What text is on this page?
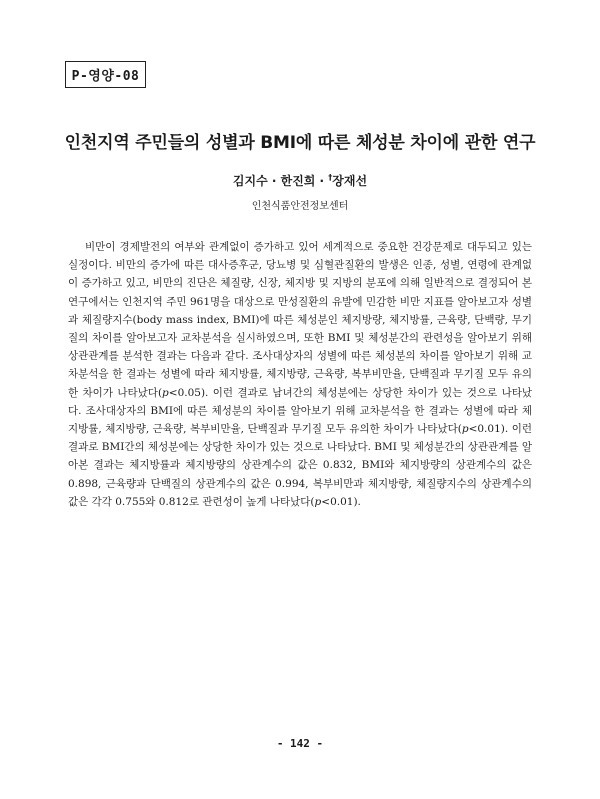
P-영양-08
인천지역 주민들의 성별과 BMI에 따른 체성분 차이에 관한 연구
김지수 · 한진희 · †장재선
인천식품안전정보센터

비만이 경제발전의 여부와 관계없이 증가하고 있어 세계적으로 중요한 건강문제로 대두되고 있는 실정이다. 비만의 증가에 따른 대사증후군, 당뇨병 및 심혈관질환의 발생은 인종, 성별, 연령에 관계없이 증가하고 있고, 비만의 진단은 체질량, 신장, 체지방 및 지방의 분포에 의해 일반적으로 결정되어 본 연구에서는 인천지역 주민 961명을 대상으로 만성질환의 유발에 민감한 비만 지표를 알아보고자 성별과 체질량지수(body mass index, BMI)에 따른 체성분인 체지방량, 체지방률, 근육량, 단백량, 무기질의 차이를 알아보고자 교차분석을 실시하였으며, 또한 BMI 및 체성분간의 관련성을 알아보기 위해 상관관계를 분석한 결과는 다음과 같다. 조사대상자의 성별에 따른 체성분의 차이를 알아보기 위해 교차분석을 한 결과는 성별에 따라 체지방률, 체지방량, 근육량, 복부비만율, 단백질과 무기질 모두 유의한 차이가 나타났다(p<0.05). 이런 결과로 남녀간의 체성분에는 상당한 차이가 있는 것으로 나타났다. 조사대상자의 BMI에 따른 체성분의 차이를 알아보기 위해 교차분석을 한 결과는 성별에 따라 체지방률, 체지방량, 근육량, 복부비만율, 단백질과 무기질 모두 유의한 차이가 나타났다(p<0.01). 이런 결과로 BMI간의 체성분에는 상당한 차이가 있는 것으로 나타났다. BMI 및 체성분간의 상관관계를 알아본 결과는 체지방률과 체지방량의 상관계수의 값은 0.832, BMI와 체지방량의 상관계수의 값은 0.898, 근육량과 단백질의 상관계수의 값은 0.994, 복부비만과 체지방량, 체질량지수의 상관계수의 값은 각각 0.755와 0.812로 관련성이 높게 나타났다(p<0.01).

- 142 -
